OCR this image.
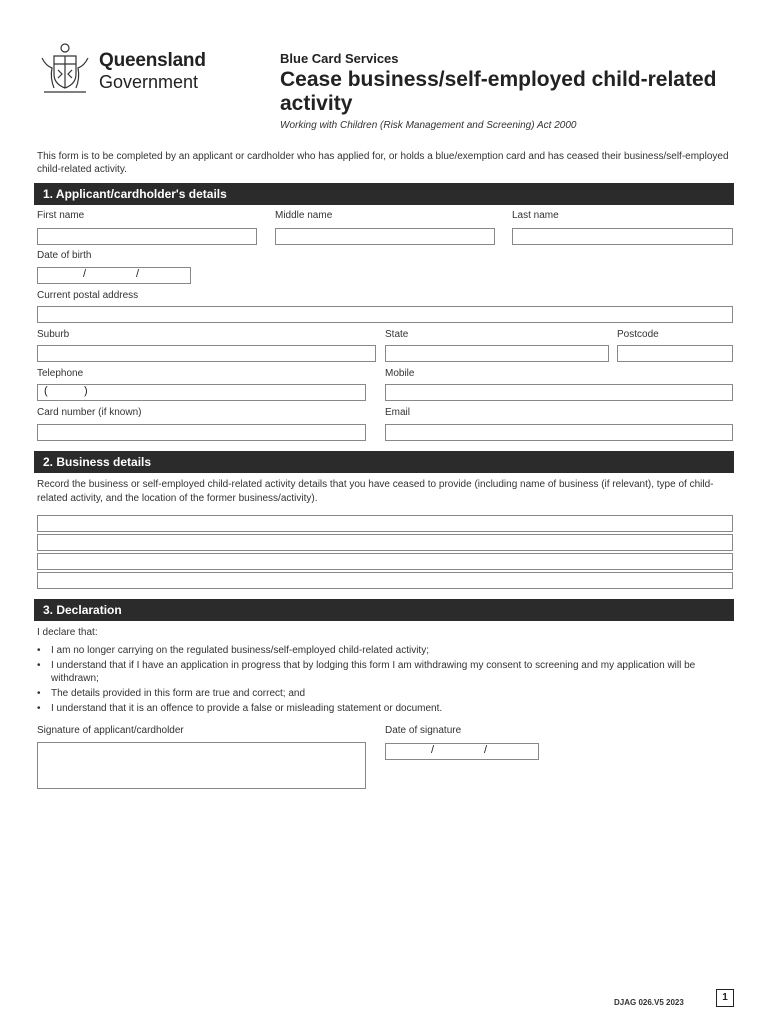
Queensland
Government
Blue Card Services
Cease business/self-employed child-related activity
Working with Children (Risk Management and Screening) Act 2000
This form is to be completed by an applicant or cardholder who has applied for, or holds a blue/exemption card and has ceased their business/self-employed child-related activity.
1. Applicant/cardholder's details
First name	Middle name	Last name
Date of birth
/	/
Current postal address
Suburb	State	Postcode
Telephone	Mobile
(	)
Card number (if known)	Email
2. Business details
Record the business or self-employed child-related activity details that you have ceased to provide (including name of business (if relevant), type of child-related activity, and the location of the former business/activity).
3. Declaration
I declare that:
• I am no longer carrying on the regulated business/self-employed child-related activity;
• I understand that if I have an application in progress that by lodging this form I am withdrawing my consent to screening and my application will be withdrawn;
• The details provided in this form are true and correct; and
• I understand that it is an offence to provide a false or misleading statement or document.
Signature of applicant/cardholder	Date of signature
/	/
DJAG 026.V5 2023	1
